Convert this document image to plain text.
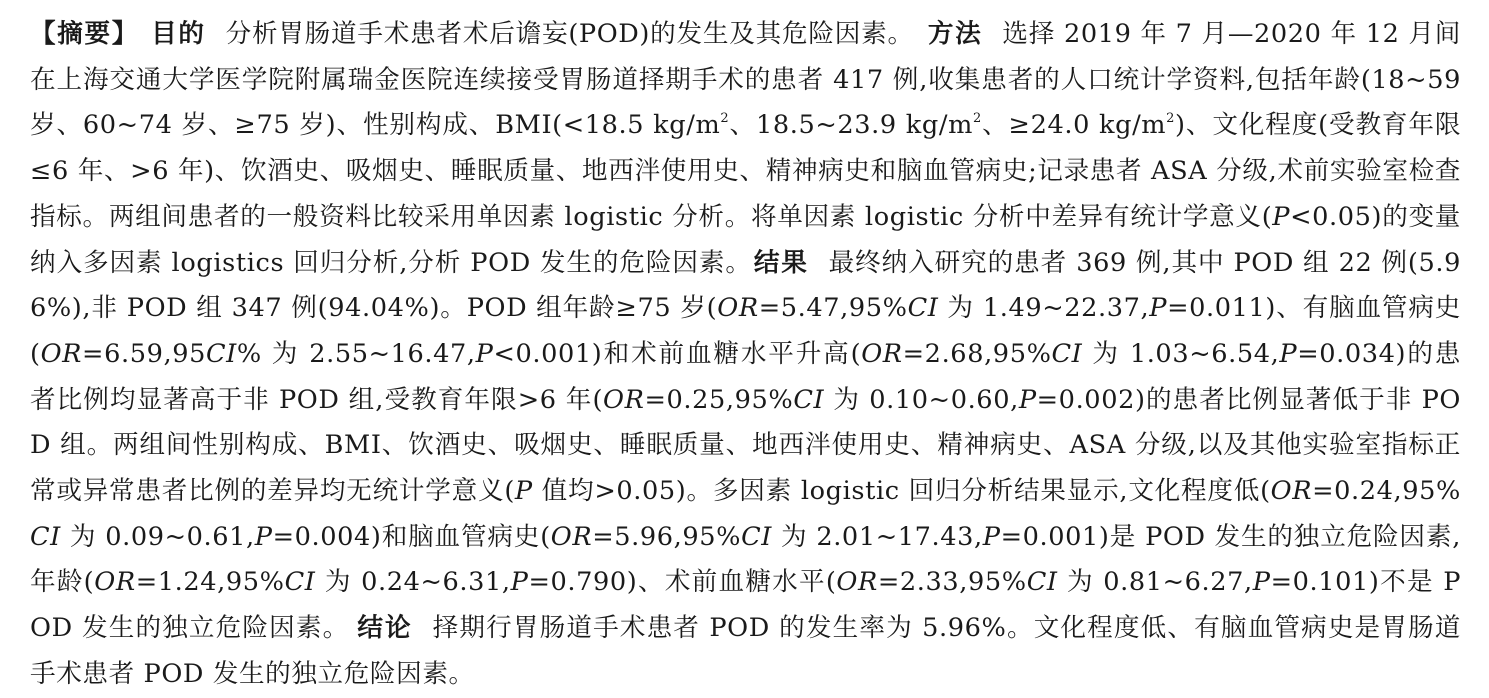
【摘要】 目的 分析胃肠道手术患者术后谵妄(POD)的发生及其危险因素。 方法 选择 2019 年 7 月—2020 年 12 月间在上海交通大学医学院附属瑞金医院连续接受胃肠道择期手术的患者 417 例,收集患者的人口统计学资料,包括年龄(18~59 岁、60~74 岁、≥75 岁)、性别构成、BMI(<18.5 $kg/m^2$、18.5~23.9 $kg/m^2$、≥24.0 $kg/m^2$)、文化程度(受教育年限≤6 年、>6 年)、饮酒史、吸烟史、睡眠质量、地西泮使用史、精神病史和脑血管病史;记录患者 ASA 分级,术前实验室检查指标。两组间患者的一般资料比较采用单因素 logistic 分析。将单因素 logistic 分析中差异有统计学意义(P<0.05)的变量纳入多因素 logistics 回归分析,分析 POD 发生的危险因素。结果 最终纳入研究的患者 369 例,其中 POD 组 22 例(5.96%),非 POD 组 347 例(94.04%)。POD 组年龄≥75 岁(OR=5.47,95%CI 为 1.49~22.37,P=0.011)、有脑血管病史(OR=6.59,95CI% 为 2.55~16.47,P<0.001)和术前血糖水平升高(OR=2.68,95%CI 为 1.03~6.54,P=0.034)的患者比例均显著高于非 POD 组,受教育年限>6 年(OR=0.25,95%CI 为 0.10~0.60,P=0.002)的患者比例显著低于非 POD 组。两组间性别构成、BMI、饮酒史、吸烟史、睡眠质量、地西泮使用史、精神病史、ASA 分级,以及其他实验室指标正常或异常患者比例的差异均无统计学意义(P 值均>0.05)。多因素 logistic 回归分析结果显示,文化程度低(OR=0.24,95%CI 为 0.09~0.61,P=0.004)和脑血管病史(OR=5.96,95%CI 为 2.01~17.43,P=0.001)是 POD 发生的独立危险因素,年龄(OR=1.24,95%CI 为 0.24~6.31,P=0.790)、术前血糖水平(OR=2.33,95%CI 为 0.81~6.27,P=0.101)不是 POD 发生的独立危险因素。 结论 择期行胃肠道手术患者 POD 的发生率为 5.96%。文化程度低、有脑血管病史是胃肠道手术患者 POD 发生的独立危险因素。
